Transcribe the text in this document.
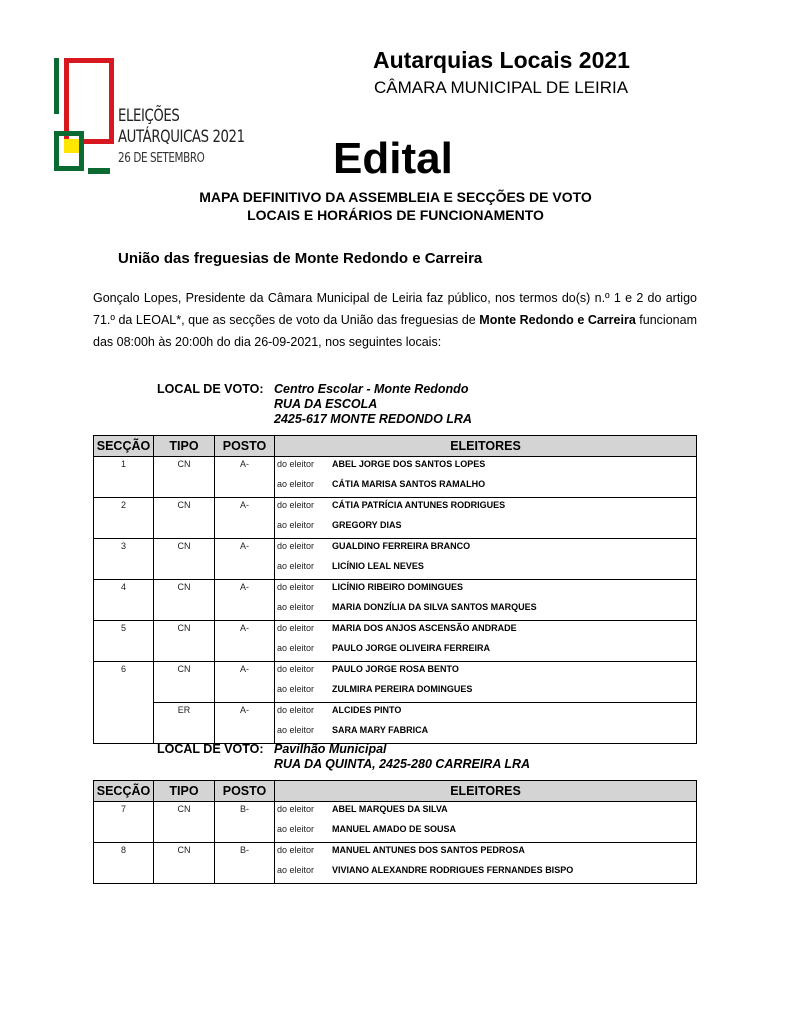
ELEIÇÕES
AUTÁRQUICAS 2021
26 DE SETEMBRO
Autarquias Locais 2021
CÂMARA MUNICIPAL DE LEIRIA
Edital
MAPA DEFINITIVO DA ASSEMBLEIA E SECÇÕES DE VOTO
LOCAIS E HORÁRIOS DE FUNCIONAMENTO
União das freguesias de Monte Redondo e Carreira
Gonçalo Lopes, Presidente da Câmara Municipal de Leiria faz público, nos termos do(s) n.º 1 e 2 do artigo 71.º da LEOAL*, que as secções de voto da União das freguesias de Monte Redondo e Carreira funcionam das 08:00h às 20:00h do dia 26-09-2021, nos seguintes locais:
LOCAL DE VOTO: Centro Escolar - Monte Redondo
RUA DA ESCOLA
2425-617 MONTE REDONDO LRA
SECÇÃO	TIPO	POSTO	ELEITORES
1	CN	A-	do eleitor ABEL JORGE DOS SANTOS LOPES
			ao eleitor CÁTIA MARISA SANTOS RAMALHO
2	CN	A-	do eleitor CÁTIA PATRÍCIA ANTUNES RODRIGUES
			ao eleitor GREGORY DIAS
3	CN	A-	do eleitor GUALDINO FERREIRA BRANCO
			ao eleitor LICÍNIO LEAL NEVES
4	CN	A-	do eleitor LICÍNIO RIBEIRO DOMINGUES
			ao eleitor MARIA DONZÍLIA DA SILVA SANTOS MARQUES
5	CN	A-	do eleitor MARIA DOS ANJOS ASCENSÃO ANDRADE
			ao eleitor PAULO JORGE OLIVEIRA FERREIRA
6	CN	A-	do eleitor PAULO JORGE ROSA BENTO
			ao eleitor ZULMIRA PEREIRA DOMINGUES
	ER	A-	do eleitor ALCIDES PINTO
			ao eleitor SARA MARY FABRICA
LOCAL DE VOTO: Pavilhão Municipal
RUA DA QUINTA, 2425-280 CARREIRA LRA
SECÇÃO	TIPO	POSTO	ELEITORES
7	CN	B-	do eleitor ABEL MARQUES DA SILVA
			ao eleitor MANUEL AMADO DE SOUSA
8	CN	B-	do eleitor MANUEL ANTUNES DOS SANTOS PEDROSA
			ao eleitor VIVIANO ALEXANDRE RODRIGUES FERNANDES BISPO
